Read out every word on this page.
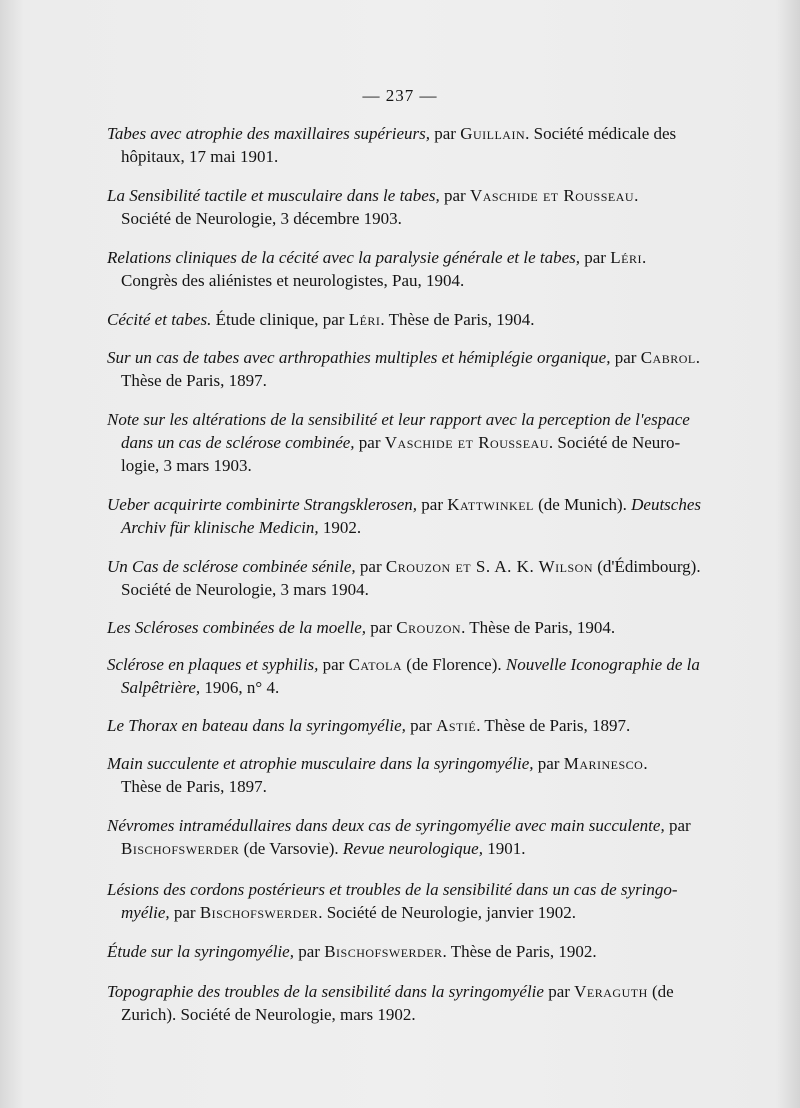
— 237 —
Tabes avec atrophie des maxillaires supérieurs, par Guillain. Société médicale des
hôpitaux, 17 mai 1901.
La Sensibilité tactile et musculaire dans le tabes, par Vaschide et Rousseau.
Société de Neurologie, 3 décembre 1903.
Relations cliniques de la cécité avec la paralysie générale et le tabes, par Léri.
Congrès des aliénistes et neurologistes, Pau, 1904.
Cécité et tabes. Étude clinique, par Léri. Thèse de Paris, 1904.
Sur un cas de tabes avec arthropathies multiples et hémiplégie organique, par Cabrol.
Thèse de Paris, 1897.
Note sur les altérations de la sensibilité et leur rapport avec la perception de l'espace
dans un cas de sclérose combinée, par Vaschide et Rousseau. Société de Neuro-
logie, 3 mars 1903.
Ueber acquirirte combinirte Strangsklerosen, par Kattwinkel (de Munich). Deutsches
Archiv für klinische Medicin, 1902.
Un Cas de sclérose combinée sénile, par Crouzon et S. A. K. Wilson (d'Édimbourg).
Société de Neurologie, 3 mars 1904.
Les Scléroses combinées de la moelle, par Crouzon. Thèse de Paris, 1904.
Sclérose en plaques et syphilis, par Catola (de Florence). Nouvelle Iconographie de la
Salpêtrière, 1906, n° 4.
Le Thorax en bateau dans la syringomyélie, par Astié. Thèse de Paris, 1897.
Main succulente et atrophie musculaire dans la syringomyélie, par Marinesco.
Thèse de Paris, 1897.
Névromes intramédullaires dans deux cas de syringomyélie avec main succulente, par
Bischofswerder (de Varsovie). Revue neurologique, 1901.
Lésions des cordons postérieurs et troubles de la sensibilité dans un cas de syringo-
myélie, par Bischofswerder. Société de Neurologie, janvier 1902.
Étude sur la syringomyélie, par Bischofswerder. Thèse de Paris, 1902.
Topographie des troubles de la sensibilité dans la syringomyélie par Veraguth (de
Zurich). Société de Neurologie, mars 1902.
